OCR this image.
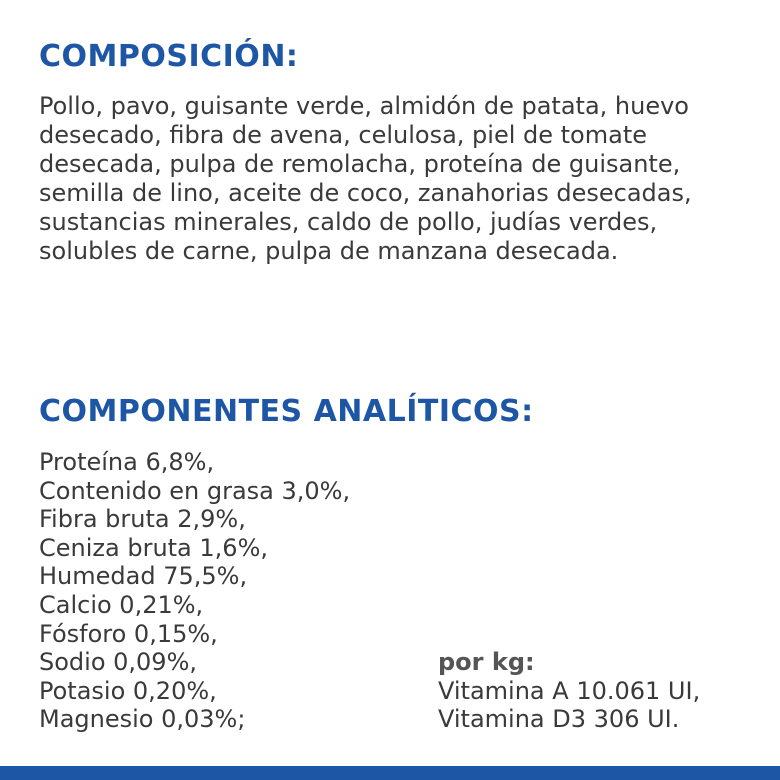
COMPOSICIÓN:

Pollo, pavo, guisante verde, almidón de patata, huevo desecado, fibra de avena, celulosa, piel de tomate desecada, pulpa de remolacha, proteína de guisante, semilla de lino, aceite de coco, zanahorias desecadas, sustancias minerales, caldo de pollo, judías verdes, solubles de carne, pulpa de manzana desecada.

COMPONENTES ANALÍTICOS:
Proteína 6,8%,
Contenido en grasa 3,0%,
Fibra bruta 2,9%,
Ceniza bruta 1,6%,
Humedad 75,5%,
Calcio 0,21%,
Fósforo 0,15%,
Sodio 0,09%,
Potasio 0,20%,
Magnesio 0,03%;
por kg:
Vitamina A 10.061 UI,
Vitamina D3 306 UI.
